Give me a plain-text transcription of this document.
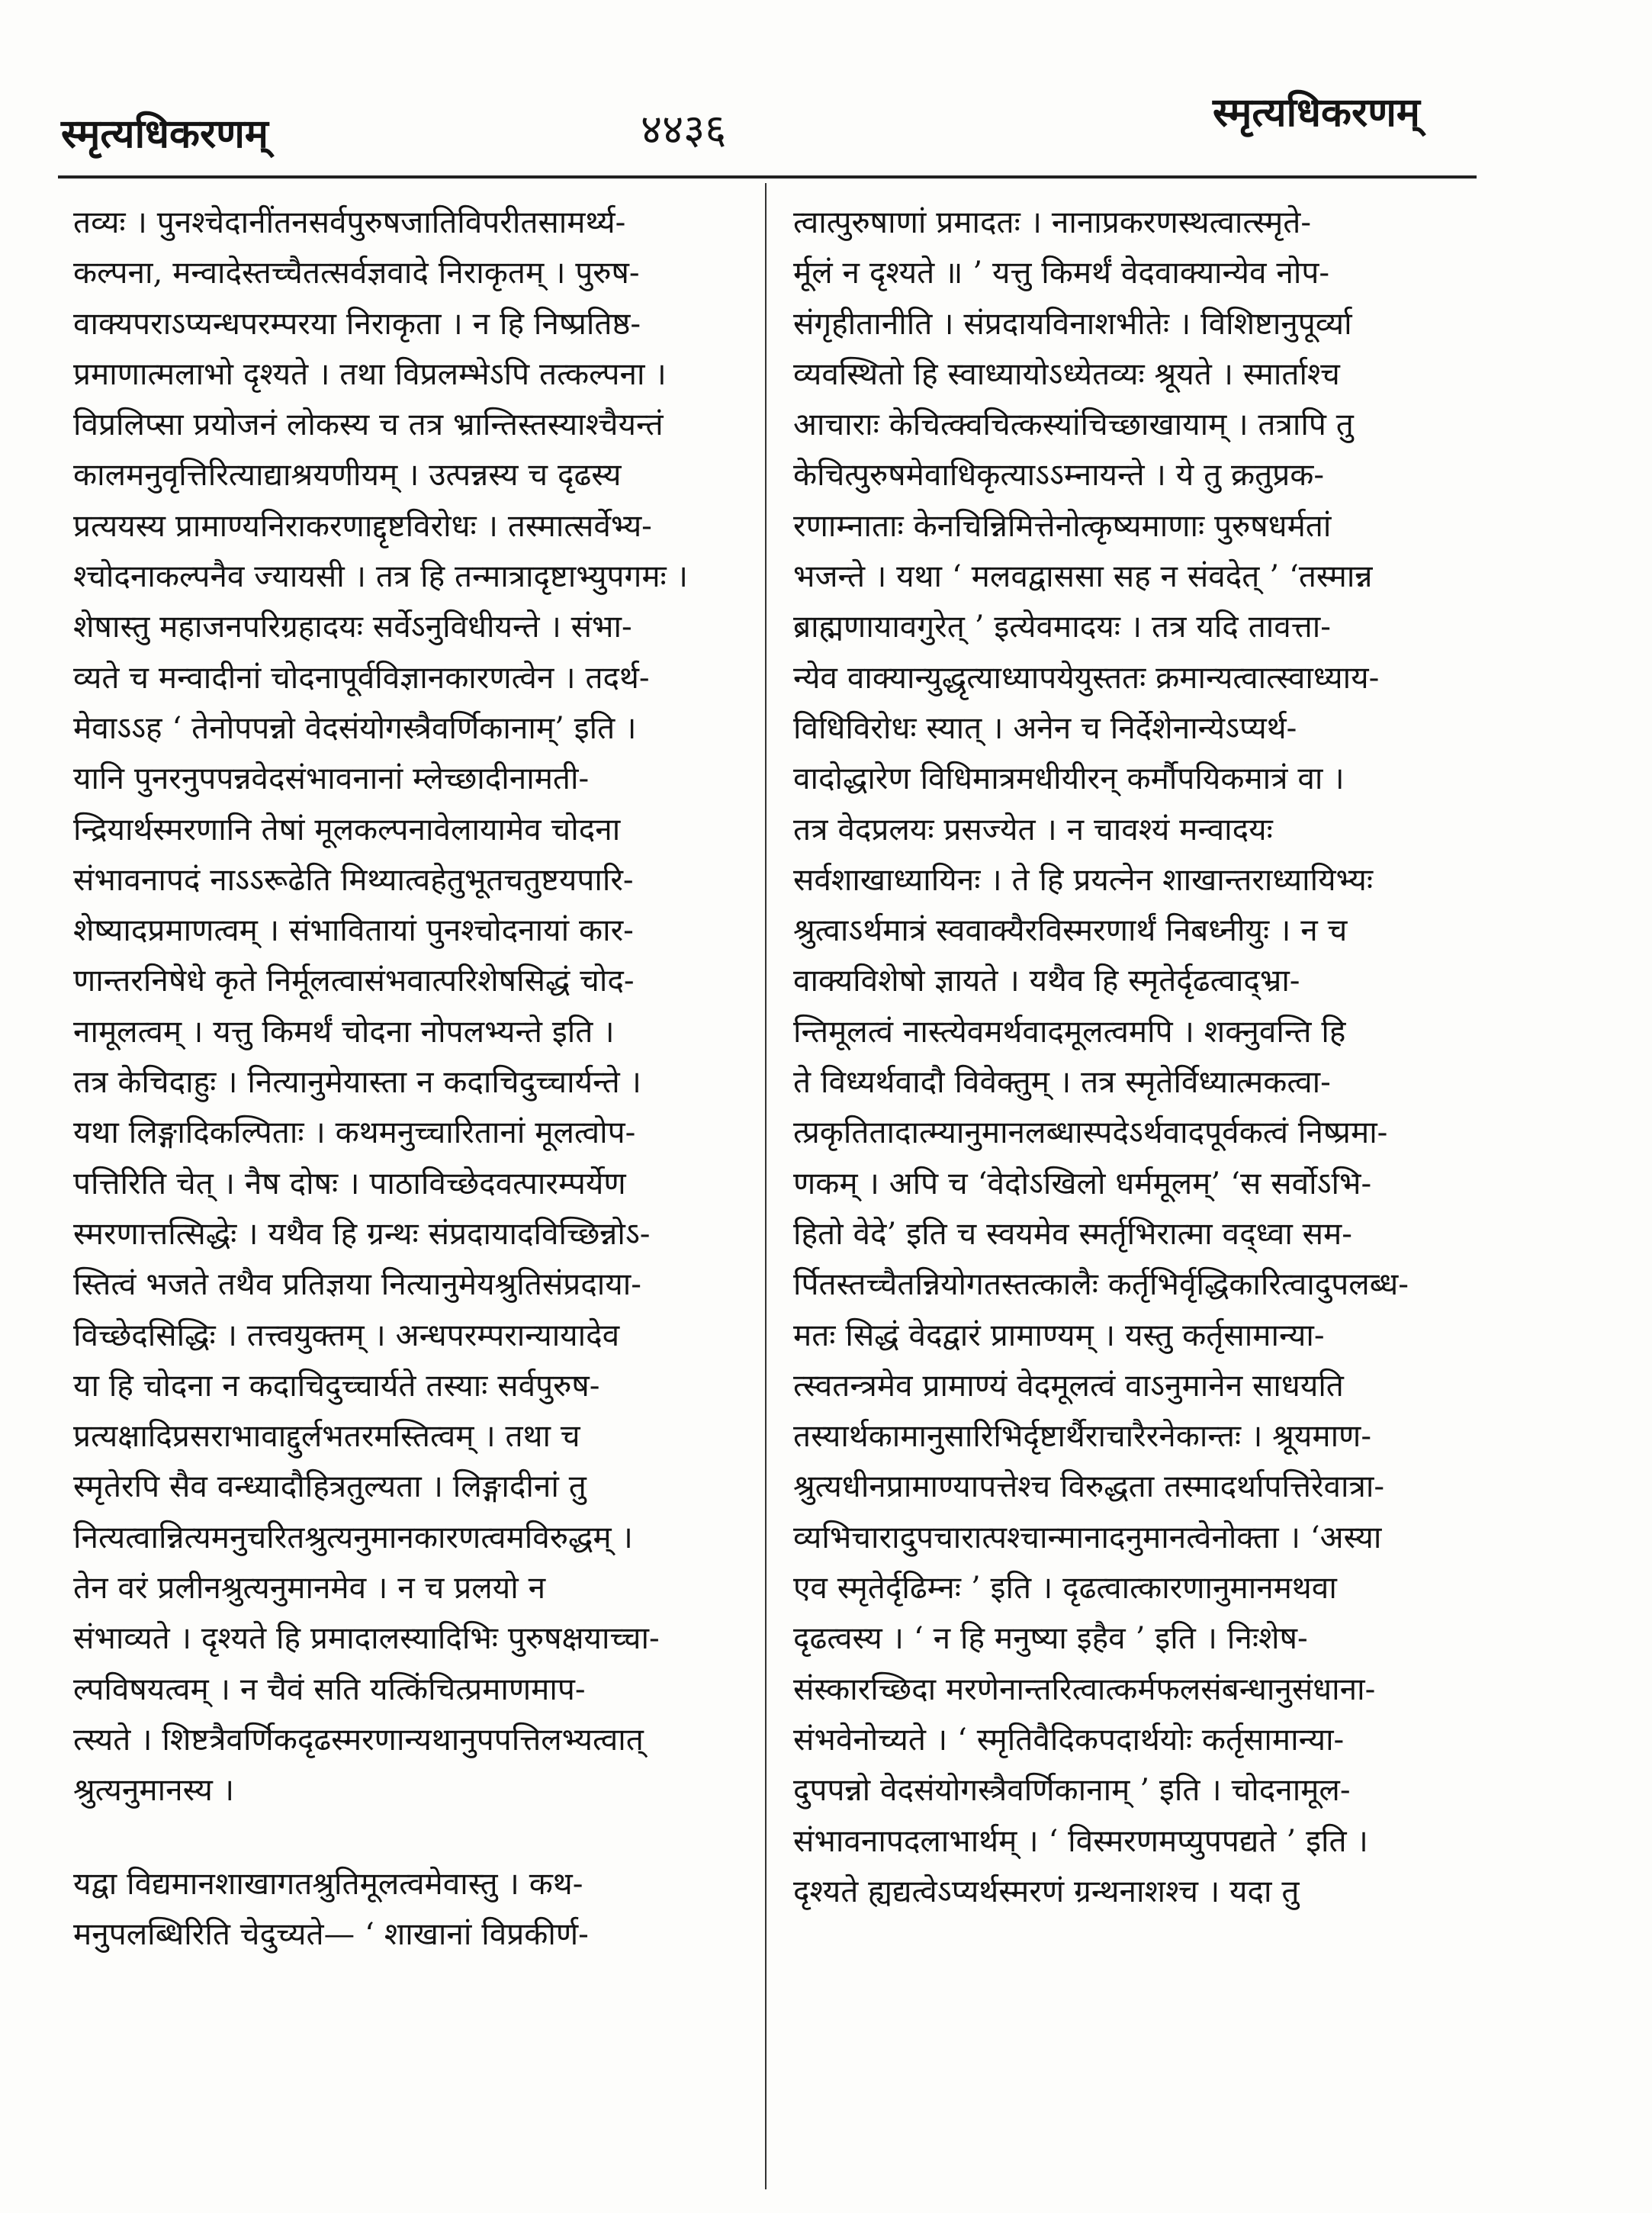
स्मृत्यधिकरणम्	४४३६	स्मृत्यधिकरणम्
तव्यः । पुनश्चेदानींतनसर्वपुरुषजातिविपरीतसामर्थ्य-
कल्पना, मन्वादेस्तच्चैतत्सर्वज्ञवादे निराकृतम् । पुरुष-
वाक्यपराऽप्यन्धपरम्परया निराकृता । न हि निष्प्रतिष्ठ-
प्रमाणात्मलाभो दृश्यते । तथा विप्रलम्भेऽपि तत्कल्पना ।
विप्रलिप्सा प्रयोजनं लोकस्य च तत्र भ्रान्तिस्तस्याश्चैयन्तं
कालमनुवृत्तिरित्याद्याश्रयणीयम् । उत्पन्नस्य च दृढस्य
प्रत्ययस्य प्रामाण्यनिराकरणाद्दृष्टविरोधः । तस्मात्सर्वेभ्य-
श्चोदनाकल्पनैव ज्यायसी । तत्र हि तन्मात्रादृष्टाभ्युपगमः ।
शेषास्तु महाजनपरिग्रहादयः सर्वेऽनुविधीयन्ते । संभा-
व्यते च मन्वादीनां चोदनापूर्वविज्ञानकारणत्वेन । तदर्थ-
मेवाऽऽह ‘ तेनोपपन्नो वेदसंयोगस्त्रैवर्णिकानाम्’ इति ।
यानि पुनरनुपपन्नवेदसंभावनानां म्लेच्छादीनामती-
न्द्रियार्थस्मरणानि तेषां मूलकल्पनावेलायामेव चोदना
संभावनापदं नाऽऽरूढेति मिथ्यात्वहेतुभूतचतुष्टयपारि-
शेष्यादप्रमाणत्वम् । संभावितायां पुनश्चोदनायां कार-
णान्तरनिषेधे कृते निर्मूलत्वासंभवात्परिशेषसिद्धं चोद-
नामूलत्वम् । यत्तु किमर्थं चोदना नोपलभ्यन्ते इति ।
तत्र केचिदाहुः । नित्यानुमेयास्ता न कदाचिदुच्चार्यन्ते ।
यथा लिङ्गादिकल्पिताः । कथमनुच्चारितानां मूलत्वोप-
पत्तिरिति चेत् । नैष दोषः । पाठाविच्छेदवत्पारम्पर्येण
स्मरणात्तत्सिद्धेः । यथैव हि ग्रन्थः संप्रदायादविच्छिन्नोऽ-
स्तित्वं भजते तथैव प्रतिज्ञया नित्यानुमेयश्रुतिसंप्रदाया-
विच्छेदसिद्धिः । तत्त्वयुक्तम् । अन्धपरम्परान्यायादेव
या हि चोदना न कदाचिदुच्चार्यते तस्याः सर्वपुरुष-
प्रत्यक्षादिप्रसराभावाद्दुर्लभतरमस्तित्वम् । तथा च
स्मृतेरपि सैव वन्ध्यादौहित्रतुल्यता । लिङ्गादीनां तु
नित्यत्वान्नित्यमनुचरितश्रुत्यनुमानकारणत्वमविरुद्धम् ।
तेन वरं प्रलीनश्रुत्यनुमानमेव । न च प्रलयो न
संभाव्यते । दृश्यते हि प्रमादालस्यादिभिः पुरुषक्षयाच्चा-
ल्पविषयत्वम् । न चैवं सति यत्किंचित्प्रमाणमाप-
त्स्यते । शिष्टत्रैवर्णिकदृढस्मरणान्यथानुपपत्तिलभ्यत्वात्
श्रुत्यनुमानस्य ।
यद्वा विद्यमानशाखागतश्रुतिमूलत्वमेवास्तु । कथ-
मनुपलब्धिरिति चेदुच्यते— ‘ शाखानां विप्रकीर्ण-
त्वात्पुरुषाणां प्रमादतः । नानाप्रकरणस्थत्वात्स्मृते-
र्मूलं न दृश्यते ॥ ’ यत्तु किमर्थं वेदवाक्यान्येव नोप-
संगृहीतानीति । संप्रदायविनाशभीतेः । विशिष्टानुपूर्व्या
व्यवस्थितो हि स्वाध्यायोऽध्येतव्यः श्रूयते । स्मार्ताश्च
आचाराः केचित्क्वचित्कस्यांचिच्छाखायाम् । तत्रापि तु
केचित्पुरुषमेवाधिकृत्याऽऽम्नायन्ते । ये तु क्रतुप्रक-
रणाम्नाताः केनचिन्निमित्तेनोत्कृष्यमाणाः पुरुषधर्मतां
भजन्ते । यथा ‘ मलवद्वाससा सह न संवदेत् ’ ‘तस्मान्न
ब्राह्मणायावगुरेत् ’ इत्येवमादयः । तत्र यदि तावत्ता-
न्येव वाक्यान्युद्धृत्याध्यापयेयुस्ततः क्रमान्यत्वात्स्वाध्याय-
विधिविरोधः स्यात् । अनेन च निर्देशेनान्येऽप्यर्थ-
वादोद्धारेण विधिमात्रमधीयीरन् कर्मौपयिकमात्रं वा ।
तत्र वेदप्रलयः प्रसज्येत । न चावश्यं मन्वादयः
सर्वशाखाध्यायिनः । ते हि प्रयत्नेन शाखान्तराध्यायिभ्यः
श्रुत्वाऽर्थमात्रं स्ववाक्यैरविस्मरणार्थं निबध्नीयुः । न च
वाक्यविशेषो ज्ञायते । यथैव हि स्मृतेर्दृढत्वाद्भ्रा-
न्तिमूलत्वं नास्त्येवमर्थवादमूलत्वमपि । शक्नुवन्ति हि
ते विध्यर्थवादौ विवेक्तुम् । तत्र स्मृतेर्विध्यात्मकत्वा-
त्प्रकृतितादात्म्यानुमानलब्धास्पदेऽर्थवादपूर्वकत्वं निष्प्रमा-
णकम् । अपि च ‘वेदोऽखिलो धर्ममूलम्’ ‘स सर्वोऽभि-
हितो वेदे’ इति च स्वयमेव स्मर्तृभिरात्मा वद्ध्वा सम-
र्पितस्तच्चैतन्नियोगतस्तत्कालैः कर्तृभिर्वृद्धिकारित्वादुपलब्ध-
मतः सिद्धं वेदद्वारं प्रामाण्यम् । यस्तु कर्तृसामान्या-
त्स्वतन्त्रमेव प्रामाण्यं वेदमूलत्वं वाऽनुमानेन साधयति
तस्यार्थकामानुसारिभिर्दृष्टार्थैराचारैरनेकान्तः । श्रूयमाण-
श्रुत्यधीनप्रामाण्यापत्तेश्च विरुद्धता तस्मादर्थापत्तिरेवात्रा-
व्यभिचारादुपचारात्पश्चान्मानादनुमानत्वेनोक्ता । ‘अस्या
एव स्मृतेर्दृढिम्नः ’ इति । दृढत्वात्कारणानुमानमथवा
दृढत्वस्य । ‘ न हि मनुष्या इहैव ’ इति । निःशेष-
संस्कारच्छिदा मरणेनान्तरित्वात्कर्मफलसंबन्धानुसंधाना-
संभवेनोच्यते । ‘ स्मृतिवैदिकपदार्थयोः कर्तृसामान्या-
दुपपन्नो वेदसंयोगस्त्रैवर्णिकानाम् ’ इति । चोदनामूल-
संभावनापदलाभार्थम् । ‘ विस्मरणमप्युपपद्यते ’ इति ।
दृश्यते ह्यद्यत्वेऽप्यर्थस्मरणं ग्रन्थनाशश्च । यदा तु
